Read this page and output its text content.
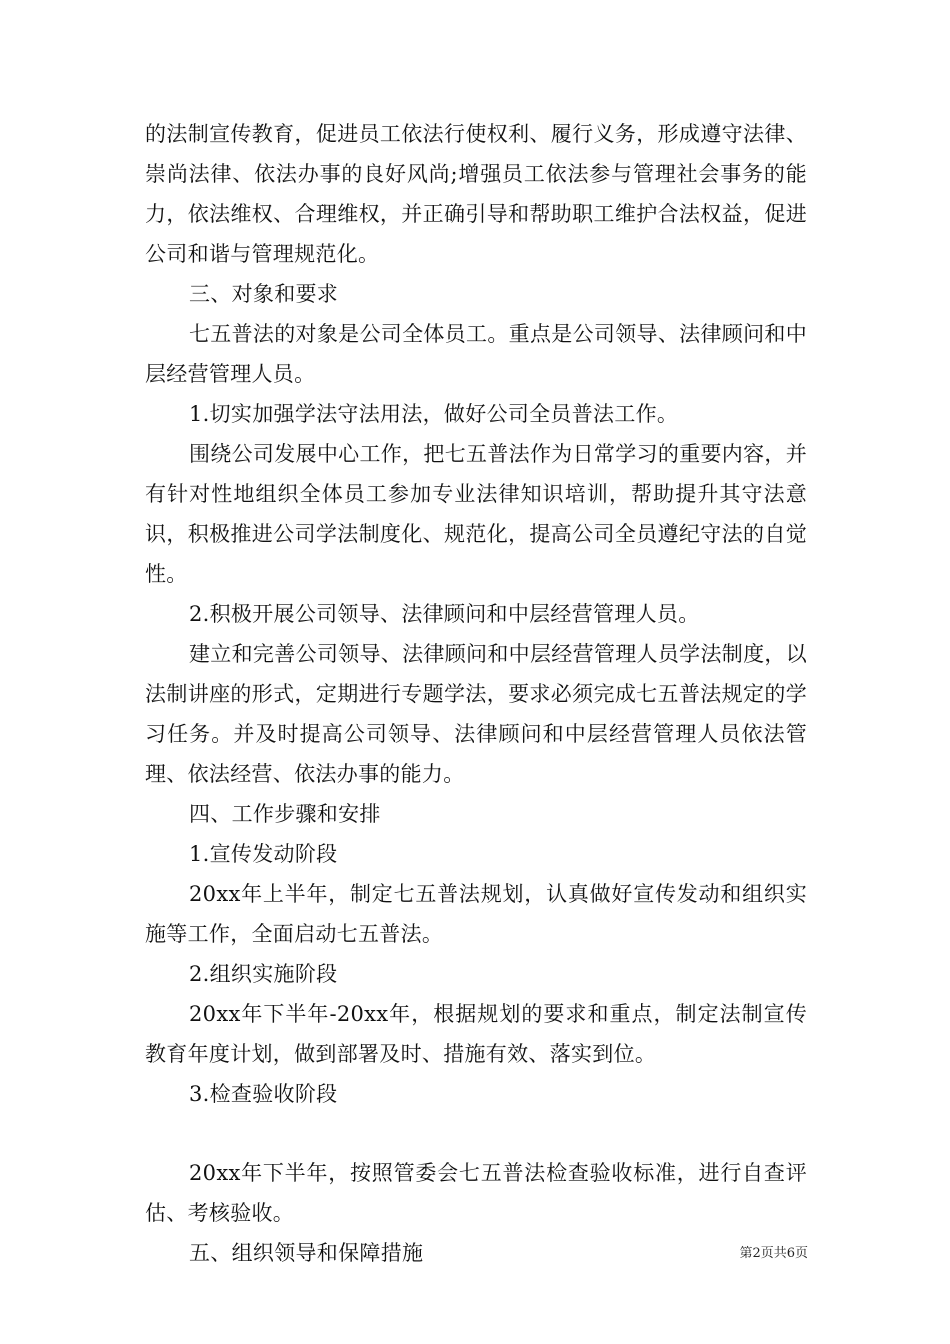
的法制宣传教育，促进员工依法行使权利、履行义务，形成遵守法律、崇尚法律、依法办事的良好风尚;增强员工依法参与管理社会事务的能力，依法维权、合理维权，并正确引导和帮助职工维护合法权益，促进公司和谐与管理规范化。

三、对象和要求

七五普法的对象是公司全体员工。重点是公司领导、法律顾问和中层经营管理人员。

1.切实加强学法守法用法，做好公司全员普法工作。

围绕公司发展中心工作，把七五普法作为日常学习的重要内容，并有针对性地组织全体员工参加专业法律知识培训，帮助提升其守法意识，积极推进公司学法制度化、规范化，提高公司全员遵纪守法的自觉性。

2.积极开展公司领导、法律顾问和中层经营管理人员。

建立和完善公司领导、法律顾问和中层经营管理人员学法制度，以法制讲座的形式，定期进行专题学法，要求必须完成七五普法规定的学习任务。并及时提高公司领导、法律顾问和中层经营管理人员依法管理、依法经营、依法办事的能力。

四、工作步骤和安排

1.宣传发动阶段

20xx年上半年，制定七五普法规划，认真做好宣传发动和组织实施等工作，全面启动七五普法。

2.组织实施阶段

20xx年下半年-20xx年，根据规划的要求和重点，制定法制宣传教育年度计划，做到部署及时、措施有效、落实到位。

3.检查验收阶段

20xx年下半年，按照管委会七五普法检查验收标准，进行自查评估、考核验收。

五、组织领导和保障措施	第2页共6页
